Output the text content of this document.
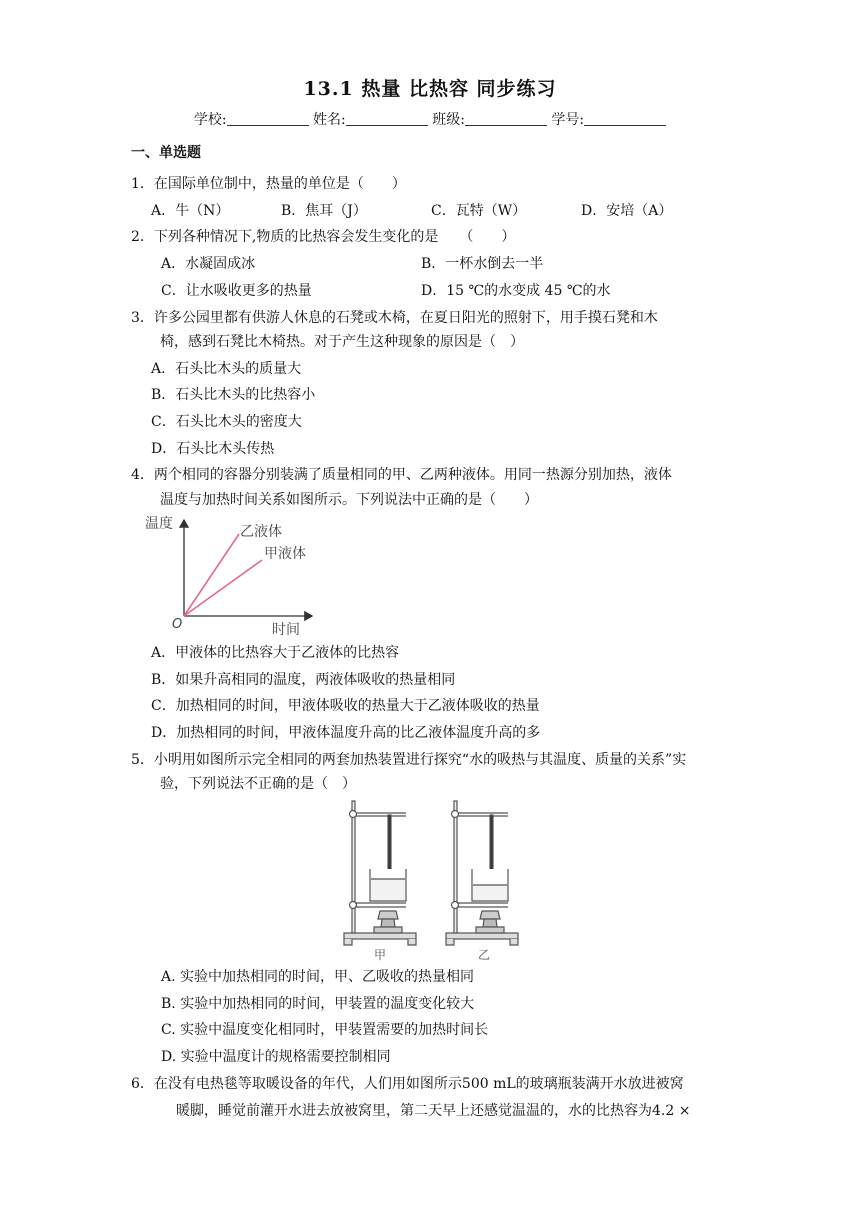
13.1 热量 比热容 同步练习
学校:	姓名:	班级:	学号:
一、单选题
1．在国际单位制中，热量的单位是（　　）
A．牛（N）	B．焦耳（J）	C．瓦特（W）	D．安培（A）
2．下列各种情况下,物质的比热容会发生变化的是　　（　　）
A．水凝固成冰	B．一杯水倒去一半
C．让水吸收更多的热量	D．15 ℃的水变成 45 ℃的水
3．许多公园里都有供游人休息的石凳或木椅，在夏日阳光的照射下，用手摸石凳和木
椅，感到石凳比木椅热。对于产生这种现象的原因是（　）
A．石头比木头的质量大
B．石头比木头的比热容小
C．石头比木头的密度大
D．石头比木头传热
4．两个相同的容器分别装满了质量相同的甲、乙两种液体。用同一热源分别加热，液体
温度与加热时间关系如图所示。下列说法中正确的是（　　）
温度
时间
O
乙液体
甲液体
A．甲液体的比热容大于乙液体的比热容
B．如果升高相同的温度，两液体吸收的热量相同
C．加热相同的时间，甲液体吸收的热量大于乙液体吸收的热量
D．加热相同的时间，甲液体温度升高的比乙液体温度升高的多
5．小明用如图所示完全相同的两套加热装置进行探究“水的吸热与其温度、质量的关系”实
验，下列说法不正确的是（　）
甲	乙
A. 实验中加热相同的时间，甲、乙吸收的热量相同
B. 实验中加热相同的时间，甲装置的温度变化较大
C. 实验中温度变化相同时，甲装置需要的加热时间长
D. 实验中温度计的规格需要控制相同
6．在没有电热毯等取暖设备的年代，人们用如图所示500 mL的玻璃瓶装满开水放进被窝
暖脚，睡觉前灌开水进去放被窝里，第二天早上还感觉温温的，水的比热容为4.2 ×
